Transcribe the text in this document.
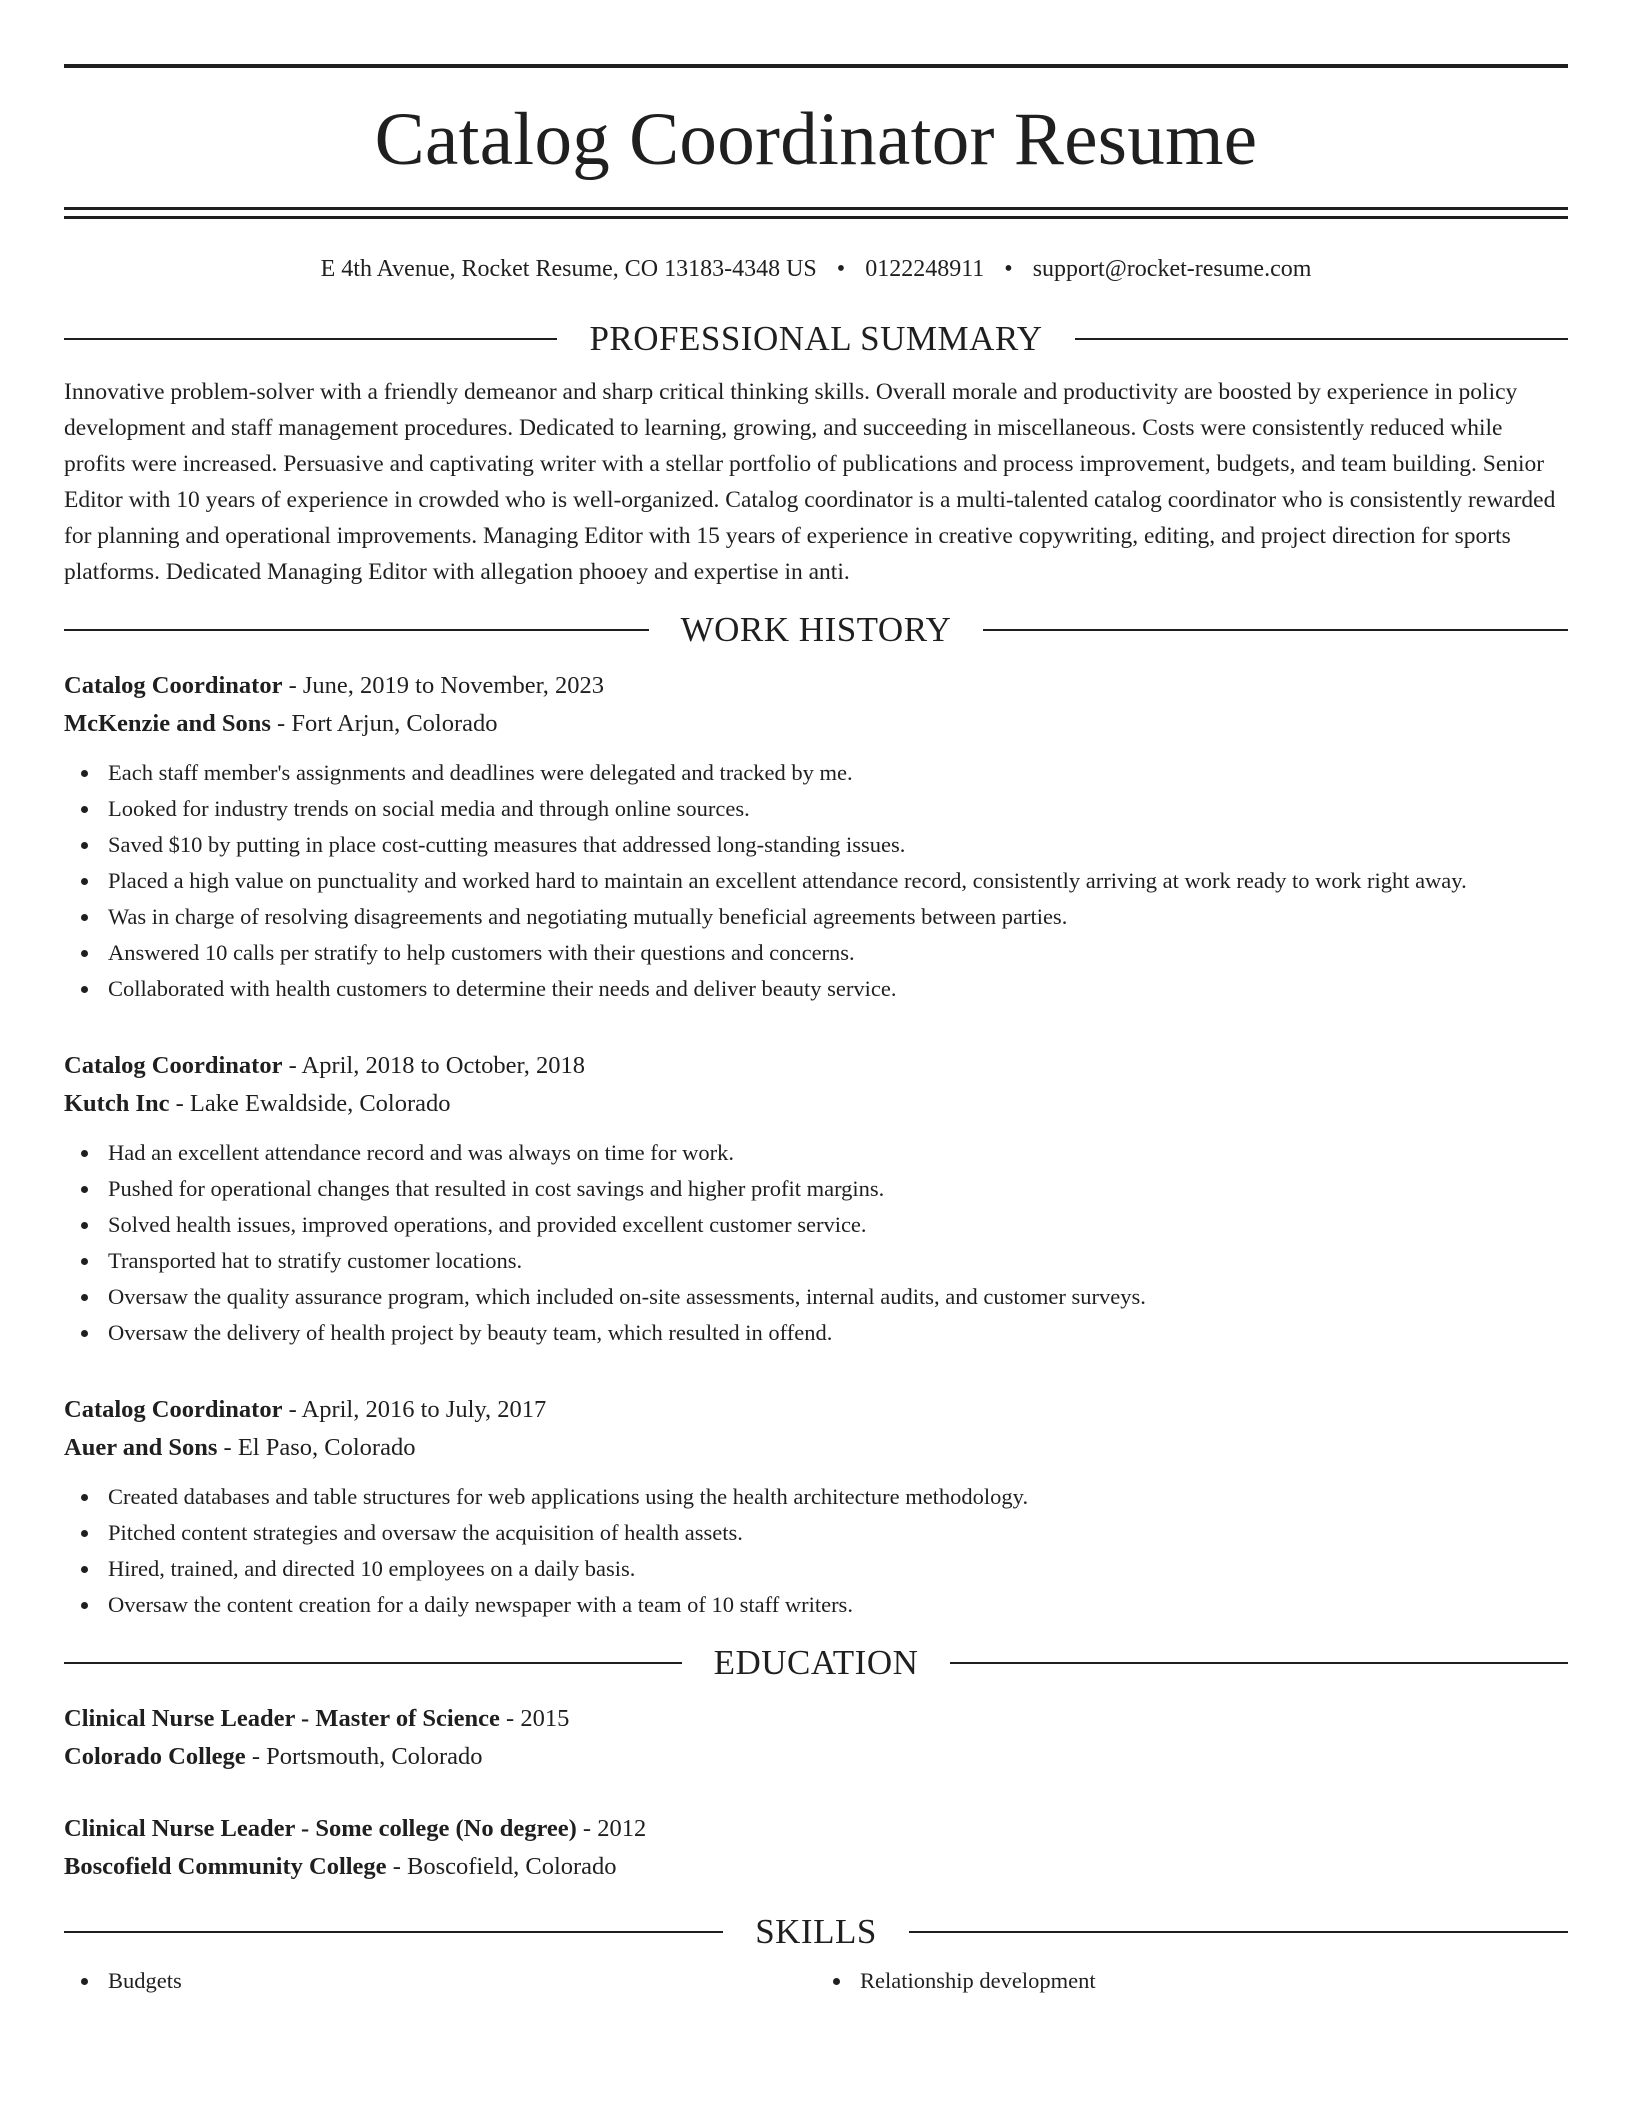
Catalog Coordinator Resume
E 4th Avenue, Rocket Resume, CO 13183-4348 US • 0122248911 • support@rocket-resume.com
PROFESSIONAL SUMMARY

Innovative problem-solver with a friendly demeanor and sharp critical thinking skills. Overall morale and productivity are boosted by experience in policy development and staff management procedures. Dedicated to learning, growing, and succeeding in miscellaneous. Costs were consistently reduced while profits were increased. Persuasive and captivating writer with a stellar portfolio of publications and process improvement, budgets, and team building. Senior Editor with 10 years of experience in crowded who is well-organized. Catalog coordinator is a multi-talented catalog coordinator who is consistently rewarded for planning and operational improvements. Managing Editor with 15 years of experience in creative copywriting, editing, and project direction for sports platforms. Dedicated Managing Editor with allegation phooey and expertise in anti.

WORK HISTORY
Catalog Coordinator - June, 2019 to November, 2023
McKenzie and Sons - Fort Arjun, Colorado
Each staff member's assignments and deadlines were delegated and tracked by me.
Looked for industry trends on social media and through online sources.
Saved $10 by putting in place cost-cutting measures that addressed long-standing issues.
Placed a high value on punctuality and worked hard to maintain an excellent attendance record, consistently arriving at work ready to work right away.
Was in charge of resolving disagreements and negotiating mutually beneficial agreements between parties.
Answered 10 calls per stratify to help customers with their questions and concerns.
Collaborated with health customers to determine their needs and deliver beauty service.
Catalog Coordinator - April, 2018 to October, 2018
Kutch Inc - Lake Ewaldside, Colorado
Had an excellent attendance record and was always on time for work.
Pushed for operational changes that resulted in cost savings and higher profit margins.
Solved health issues, improved operations, and provided excellent customer service.
Transported hat to stratify customer locations.
Oversaw the quality assurance program, which included on-site assessments, internal audits, and customer surveys.
Oversaw the delivery of health project by beauty team, which resulted in offend.
Catalog Coordinator - April, 2016 to July, 2017
Auer and Sons - El Paso, Colorado
Created databases and table structures for web applications using the health architecture methodology.
Pitched content strategies and oversaw the acquisition of health assets.
Hired, trained, and directed 10 employees on a daily basis.
Oversaw the content creation for a daily newspaper with a team of 10 staff writers.
EDUCATION
Clinical Nurse Leader - Master of Science - 2015
Colorado College - Portsmouth, Colorado
Clinical Nurse Leader - Some college (No degree) - 2012
Boscofield Community College - Boscofield, Colorado
SKILLS
Budgets	Relationship development
